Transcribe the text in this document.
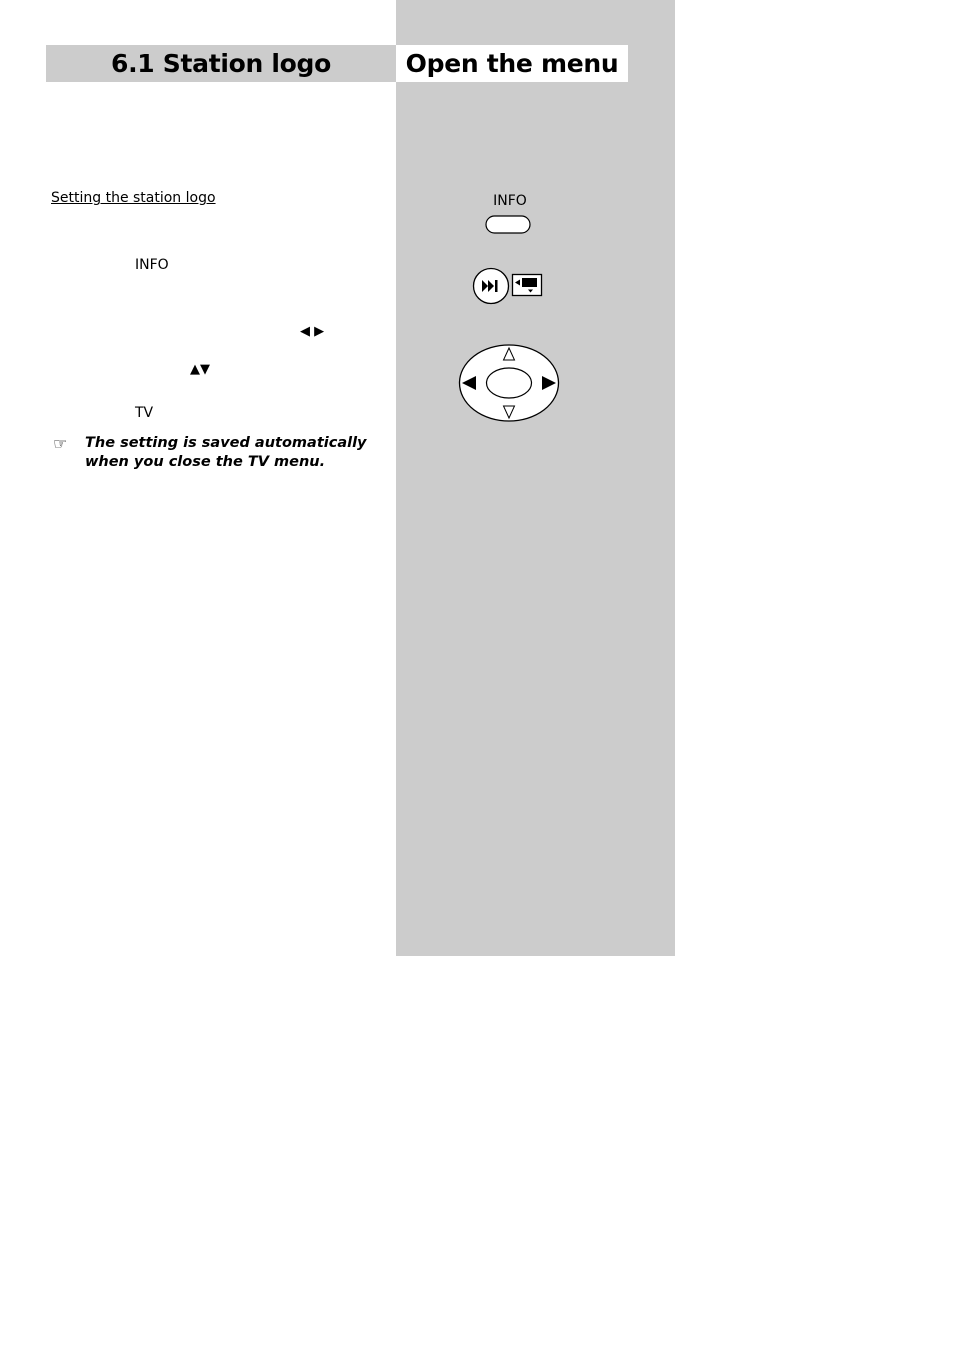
6.1 Station logo	Open the menu
Setting the station logo
INFO
◀ ▶
▲▼
TV
☞ The setting is saved automatically when you close the TV menu.
INFO
